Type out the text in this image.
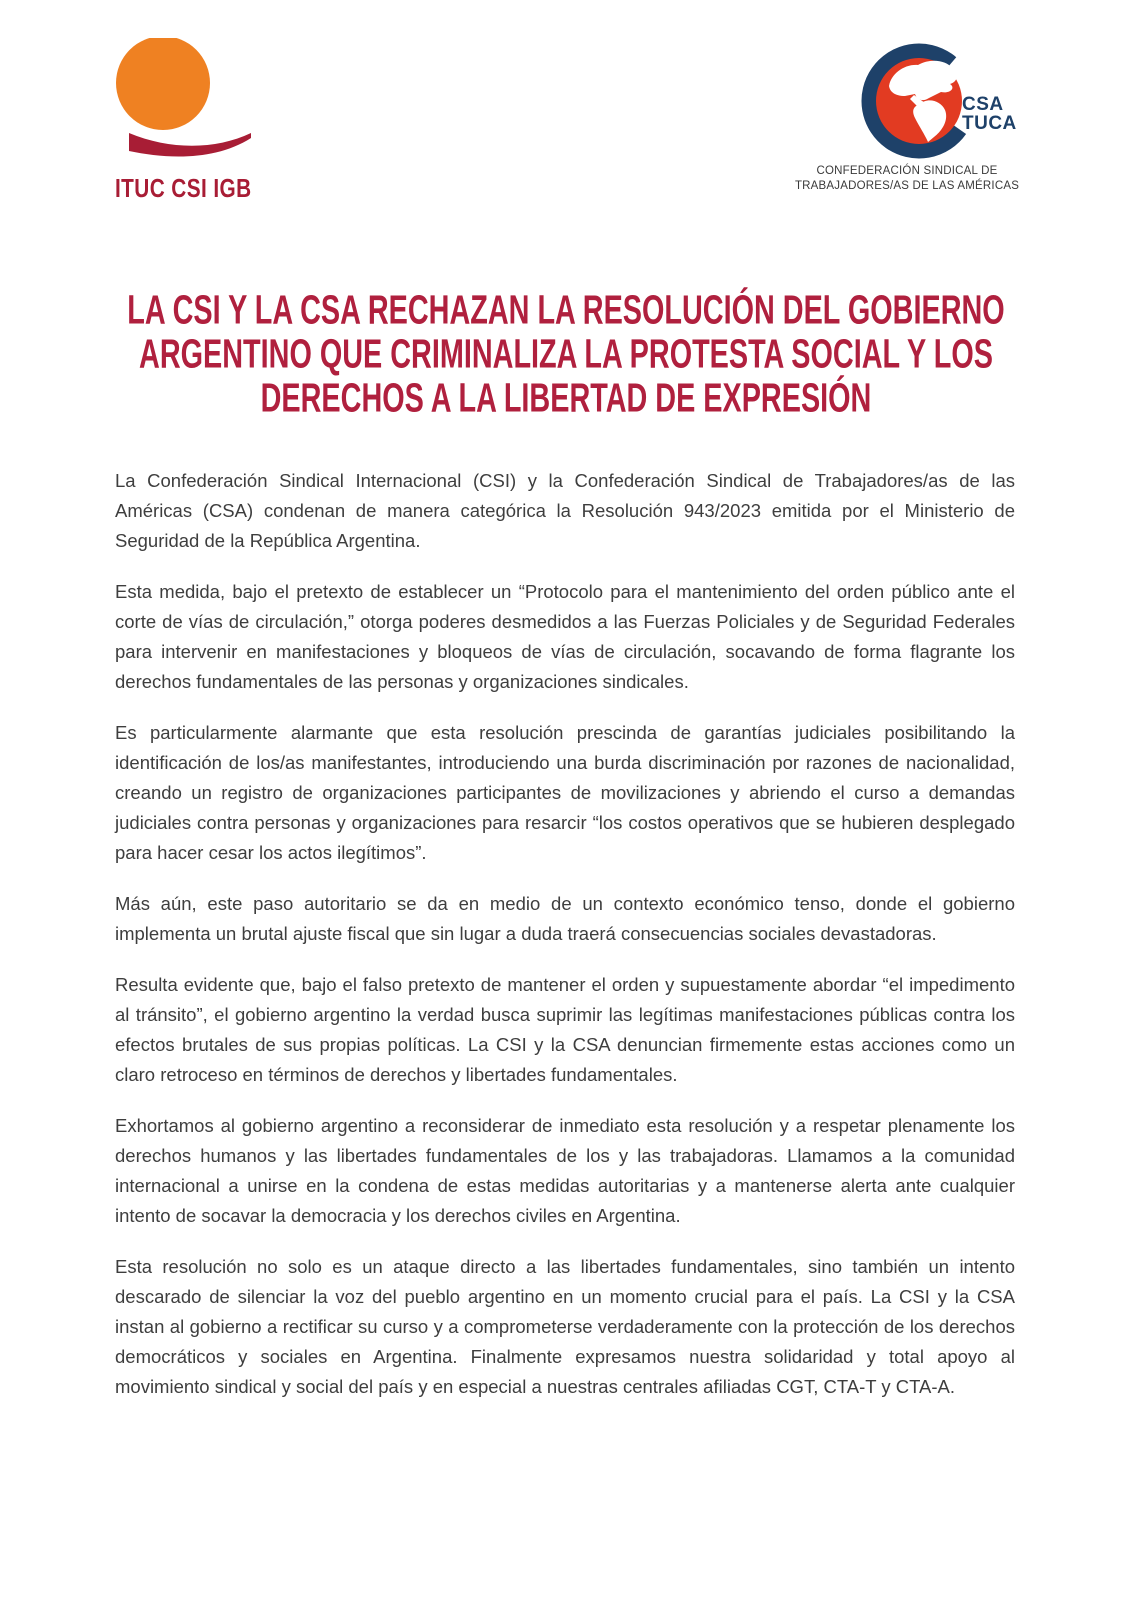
ITUC CSI IGB
CSA
TUCA
CONFEDERACIÓN SINDICAL DE
TRABAJADORES/AS DE LAS AMÉRICAS
LA CSI Y LA CSA RECHAZAN LA RESOLUCIÓN DEL GOBIERNO
ARGENTINO QUE CRIMINALIZA LA PROTESTA SOCIAL Y LOS
DERECHOS A LA LIBERTAD DE EXPRESIÓN

La Confederación Sindical Internacional (CSI) y la Confederación Sindical de Trabajadores/as de las Américas (CSA) condenan de manera categórica la Resolución 943/2023 emitida por el Ministerio de Seguridad de la República Argentina.

Esta medida, bajo el pretexto de establecer un “Protocolo para el mantenimiento del orden público ante el corte de vías de circulación,” otorga poderes desmedidos a las Fuerzas Policiales y de Seguridad Federales para intervenir en manifestaciones y bloqueos de vías de circulación, socavando de forma flagrante los derechos fundamentales de las personas y organizaciones sindicales.

Es particularmente alarmante que esta resolución prescinda de garantías judiciales posibilitando la identificación de los/as manifestantes, introduciendo una burda discriminación por razones de nacionalidad, creando un registro de organizaciones participantes de movilizaciones y abriendo el curso a demandas judiciales contra personas y organizaciones para resarcir “los costos operativos que se hubieren desplegado para hacer cesar los actos ilegítimos”.

Más aún, este paso autoritario se da en medio de un contexto económico tenso, donde el gobierno implementa un brutal ajuste fiscal que sin lugar a duda traerá consecuencias sociales devastadoras.

Resulta evidente que, bajo el falso pretexto de mantener el orden y supuestamente abordar “el impedimento al tránsito”, el gobierno argentino la verdad busca suprimir las legítimas manifestaciones públicas contra los efectos brutales de sus propias políticas. La CSI y la CSA denuncian firmemente estas acciones como un claro retroceso en términos de derechos y libertades fundamentales.

Exhortamos al gobierno argentino a reconsiderar de inmediato esta resolución y a respetar plenamente los derechos humanos y las libertades fundamentales de los y las trabajadoras. Llamamos a la comunidad internacional a unirse en la condena de estas medidas autoritarias y a mantenerse alerta ante cualquier intento de socavar la democracia y los derechos civiles en Argentina.

Esta resolución no solo es un ataque directo a las libertades fundamentales, sino también un intento descarado de silenciar la voz del pueblo argentino en un momento crucial para el país. La CSI y la CSA instan al gobierno a rectificar su curso y a comprometerse verdaderamente con la protección de los derechos democráticos y sociales en Argentina. Finalmente expresamos nuestra solidaridad y total apoyo al movimiento sindical y social del país y en especial a nuestras centrales afiliadas CGT, CTA-T y CTA-A.
